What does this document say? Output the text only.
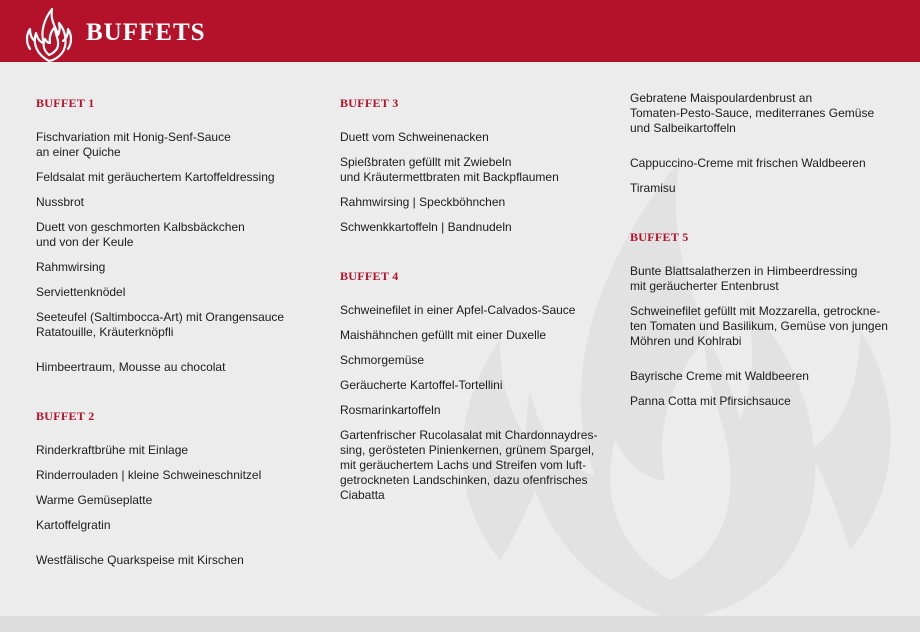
BUFFETS
BUFFET 1
Fischvariation mit Honig-Senf-Sauce
an einer Quiche
Feldsalat mit geräuchertem Kartoffeldressing
Nussbrot
Duett von geschmorten Kalbsbäckchen
und von der Keule
Rahmwirsing
Serviettenknödel
Seeteufel (Saltimbocca-Art) mit Orangensauce
Ratatouille, Kräuterknöpfli
Himbeertraum, Mousse au chocolat
BUFFET 2
Rinderkraftbrühe mit Einlage
Rinderrouladen | kleine Schweineschnitzel
Warme Gemüseplatte
Kartoffelgratin
Westfälische Quarkspeise mit Kirschen
BUFFET 3
Duett vom Schweinenacken
Spießbraten gefüllt mit Zwiebeln
und Kräutermettbraten mit Backpflaumen
Rahmwirsing | Speckböhnchen
Schwenkkartoffeln | Bandnudeln
BUFFET 4
Schweinefilet in einer Apfel-Calvados-Sauce
Maishähnchen gefüllt mit einer Duxelle
Schmorgemüse
Geräucherte Kartoffel-Tortellini
Rosmarinkartoffeln
Gartenfrischer Rucolasalat mit Chardonnaydres-
sing, gerösteten Pinienkernen, grünem Spargel,
mit geräuchertem Lachs und Streifen vom luft-
getrockneten Landschinken, dazu ofenfrisches
Ciabatta
Gebratene Maispoulardenbrust an
Tomaten-Pesto-Sauce, mediterranes Gemüse
und Salbeikartoffeln
Cappuccino-Creme mit frischen Waldbeeren
Tiramisu
BUFFET 5
Bunte Blattsalatherzen in Himbeerdressing
mit geräucherter Entenbrust
Schweinefilet gefüllt mit Mozzarella, getrockne-
ten Tomaten und Basilikum, Gemüse von jungen
Möhren und Kohlrabi
Bayrische Creme mit Waldbeeren
Panna Cotta mit Pfirsichsauce
